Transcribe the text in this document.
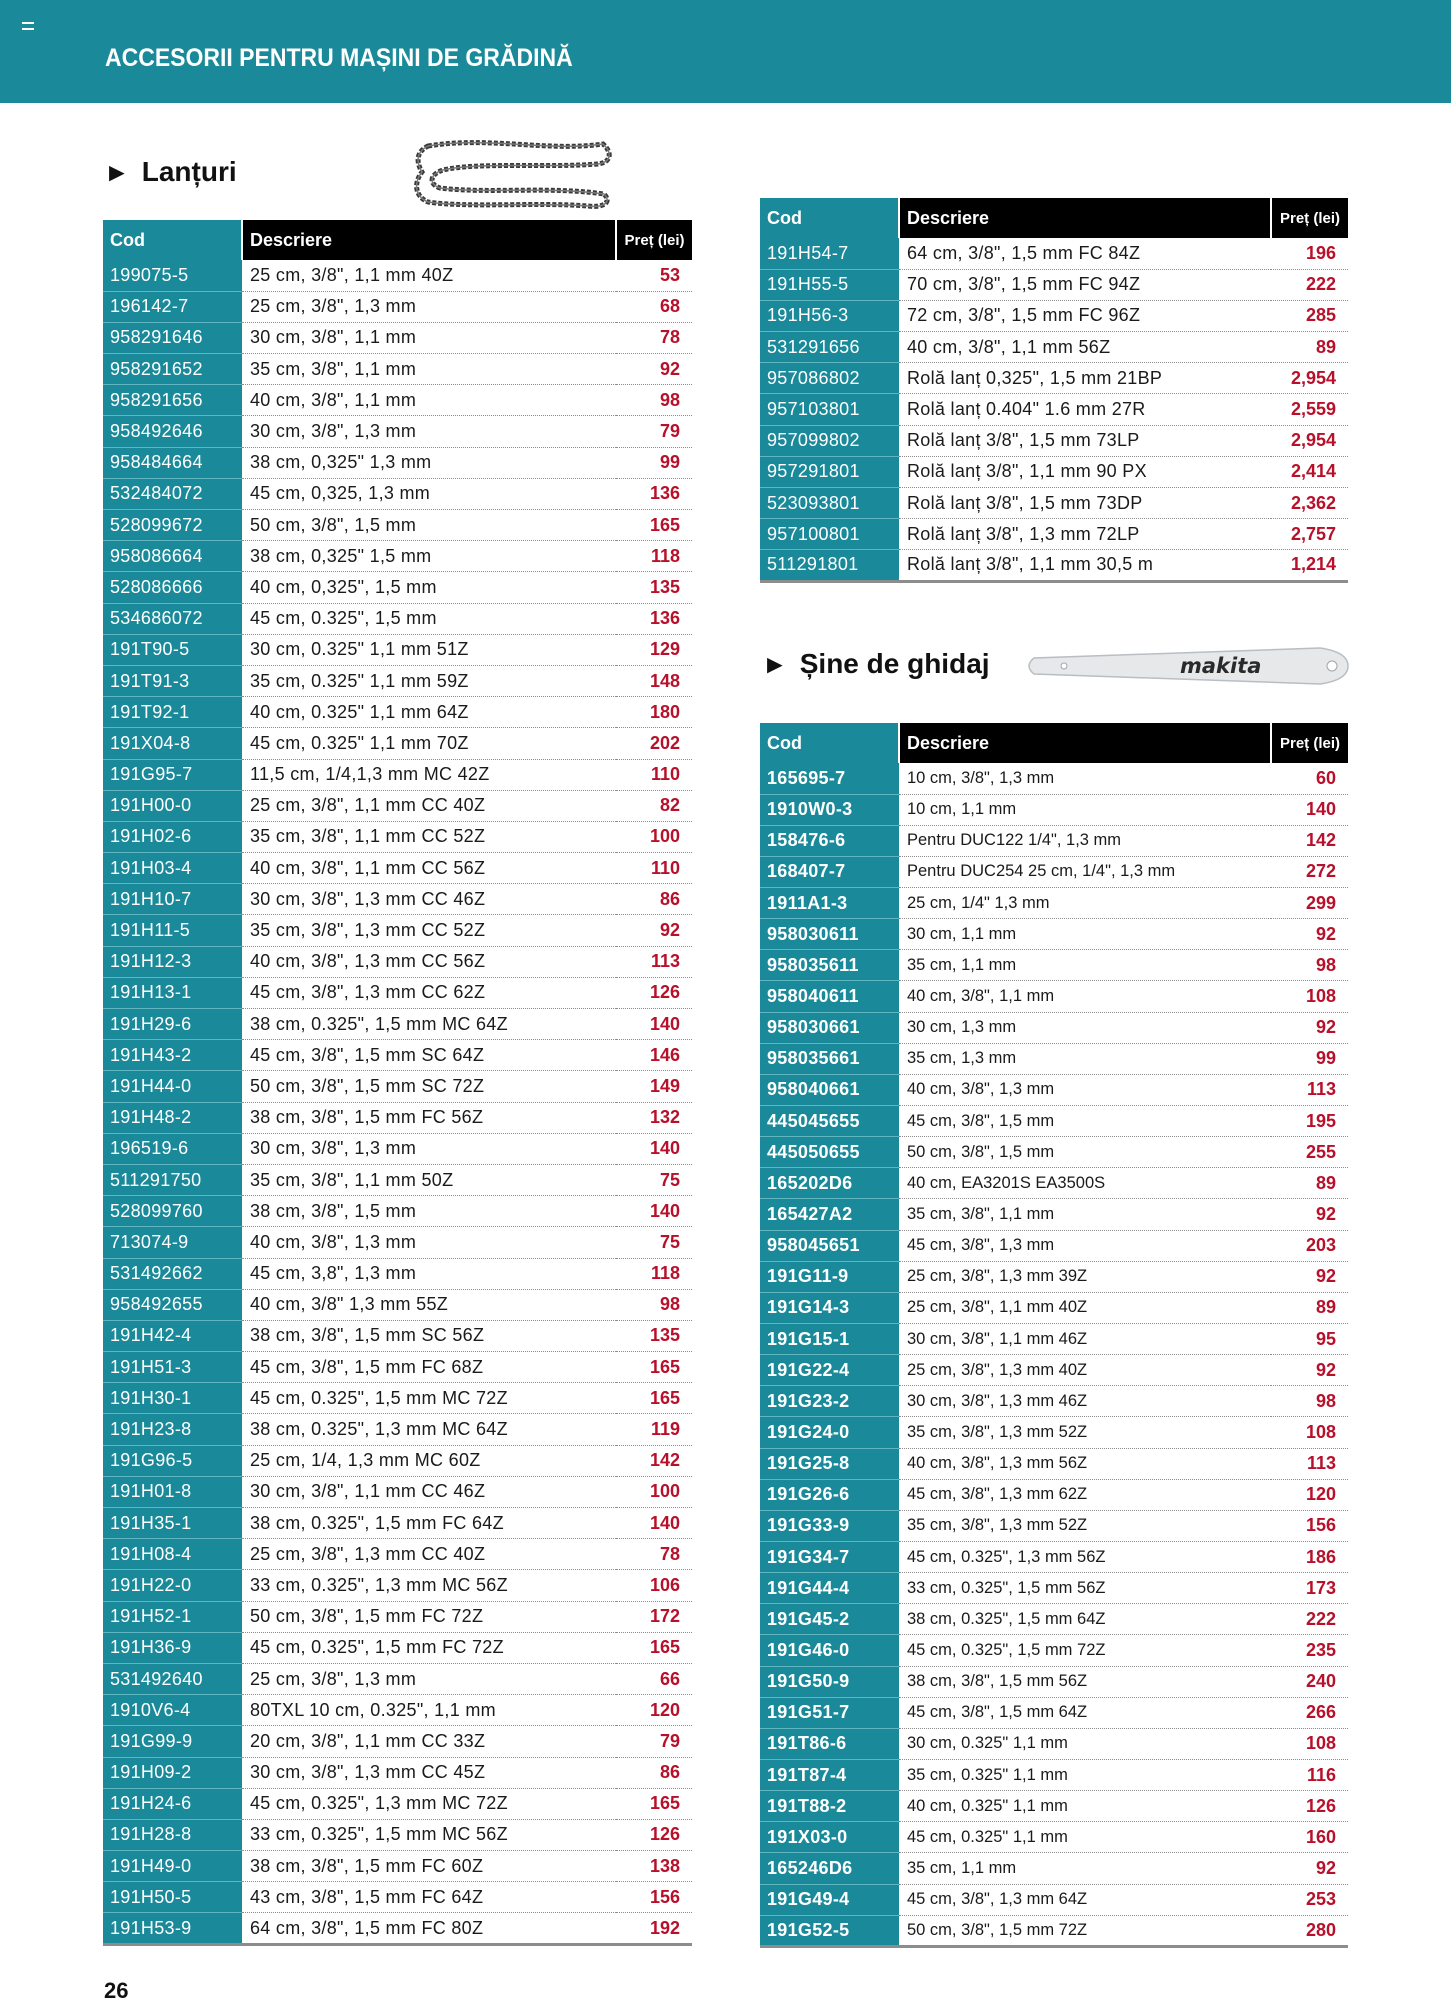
ACCESORII PENTRU MAȘINI DE GRĂDINĂ
► Lanțuri
Cod	Descriere	Preț (lei)
199075-5	25 cm, 3/8", 1,1 mm 40Z	53
196142-7	25 cm, 3/8", 1,3 mm	68
958291646	30 cm, 3/8", 1,1 mm	78
958291652	35 cm, 3/8", 1,1 mm	92
958291656	40 cm, 3/8", 1,1 mm	98
958492646	30 cm, 3/8", 1,3 mm	79
958484664	38 cm, 0,325" 1,3 mm	99
532484072	45 cm, 0,325, 1,3 mm	136
528099672	50 cm, 3/8", 1,5 mm	165
958086664	38 cm, 0,325" 1,5 mm	118
528086666	40 cm, 0,325", 1,5 mm	135
534686072	45 cm, 0.325", 1,5 mm	136
191T90-5	30 cm, 0.325" 1,1 mm 51Z	129
191T91-3	35 cm, 0.325" 1,1 mm 59Z	148
191T92-1	40 cm, 0.325" 1,1 mm 64Z	180
191X04-8	45 cm, 0.325" 1,1 mm 70Z	202
191G95-7	11,5 cm, 1/4,1,3 mm MC 42Z	110
191H00-0	25 cm, 3/8", 1,1 mm CC 40Z	82
191H02-6	35 cm, 3/8", 1,1 mm CC 52Z	100
191H03-4	40 cm, 3/8", 1,1 mm CC 56Z	110
191H10-7	30 cm, 3/8", 1,3 mm CC 46Z	86
191H11-5	35 cm, 3/8", 1,3 mm CC 52Z	92
191H12-3	40 cm, 3/8", 1,3 mm CC 56Z	113
191H13-1	45 cm, 3/8", 1,3 mm CC 62Z	126
191H29-6	38 cm, 0.325", 1,5 mm MC 64Z	140
191H43-2	45 cm, 3/8", 1,5 mm SC 64Z	146
191H44-0	50 cm, 3/8", 1,5 mm SC 72Z	149
191H48-2	38 cm, 3/8", 1,5 mm FC 56Z	132
196519-6	30 cm, 3/8", 1,3 mm	140
511291750	35 cm, 3/8", 1,1 mm 50Z	75
528099760	38 cm, 3/8", 1,5 mm	140
713074-9	40 cm, 3/8", 1,3 mm	75
531492662	45 cm, 3,8", 1,3 mm	118
958492655	40 cm, 3/8" 1,3 mm 55Z	98
191H42-4	38 cm, 3/8", 1,5 mm SC 56Z	135
191H51-3	45 cm, 3/8", 1,5 mm FC 68Z	165
191H30-1	45 cm, 0.325", 1,5 mm MC 72Z	165
191H23-8	38 cm, 0.325", 1,3 mm MC 64Z	119
191G96-5	25 cm, 1/4, 1,3 mm MC 60Z	142
191H01-8	30 cm, 3/8", 1,1 mm CC 46Z	100
191H35-1	38 cm, 0.325", 1,5 mm FC 64Z	140
191H08-4	25 cm, 3/8", 1,3 mm CC 40Z	78
191H22-0	33 cm, 0.325", 1,3 mm MC 56Z	106
191H52-1	50 cm, 3/8", 1,5 mm FC 72Z	172
191H36-9	45 cm, 0.325", 1,5 mm FC 72Z	165
531492640	25 cm, 3/8", 1,3 mm	66
1910V6-4	80TXL 10 cm, 0.325", 1,1 mm	120
191G99-9	20 cm, 3/8", 1,1 mm CC 33Z	79
191H09-2	30 cm, 3/8", 1,3 mm CC 45Z	86
191H24-6	45 cm, 0.325", 1,3 mm MC 72Z	165
191H28-8	33 cm, 0.325", 1,5 mm MC 56Z	126
191H49-0	38 cm, 3/8", 1,5 mm FC 60Z	138
191H50-5	43 cm, 3/8", 1,5 mm FC 64Z	156
191H53-9	64 cm, 3/8", 1,5 mm FC 80Z	192
Cod	Descriere	Preț (lei)
191H54-7	64 cm, 3/8", 1,5 mm FC 84Z	196
191H55-5	70 cm, 3/8", 1,5 mm FC 94Z	222
191H56-3	72 cm, 3/8", 1,5 mm FC 96Z	285
531291656	40 cm, 3/8", 1,1 mm 56Z	89
957086802	Rolă lanț 0,325", 1,5 mm 21BP	2,954
957103801	Rolă lanț 0.404" 1.6 mm 27R	2,559
957099802	Rolă lanț 3/8", 1,5 mm 73LP	2,954
957291801	Rolă lanț 3/8", 1,1 mm 90 PX	2,414
523093801	Rolă lanț 3/8", 1,5 mm 73DP	2,362
957100801	Rolă lanț 3/8", 1,3 mm 72LP	2,757
511291801	Rolă lanț 3/8", 1,1 mm 30,5 m	1,214
► Șine de ghidaj	makita
Cod	Descriere	Preț (lei)
165695-7	10 cm, 3/8", 1,3 mm	60
1910W0-3	10 cm, 1,1 mm	140
158476-6	Pentru DUC122 1/4", 1,3 mm	142
168407-7	Pentru DUC254 25 cm, 1/4", 1,3 mm	272
1911A1-3	25 cm, 1/4" 1,3 mm	299
958030611	30 cm, 1,1 mm	92
958035611	35 cm, 1,1 mm	98
958040611	40 cm, 3/8", 1,1 mm	108
958030661	30 cm, 1,3 mm	92
958035661	35 cm, 1,3 mm	99
958040661	40 cm, 3/8", 1,3 mm	113
445045655	45 cm, 3/8", 1,5 mm	195
445050655	50 cm, 3/8", 1,5 mm	255
165202D6	40 cm, EA3201S EA3500S	89
165427A2	35 cm, 3/8", 1,1 mm	92
958045651	45 cm, 3/8", 1,3 mm	203
191G11-9	25 cm, 3/8", 1,3 mm 39Z	92
191G14-3	25 cm, 3/8", 1,1 mm 40Z	89
191G15-1	30 cm, 3/8", 1,1 mm 46Z	95
191G22-4	25 cm, 3/8", 1,3 mm 40Z	92
191G23-2	30 cm, 3/8", 1,3 mm 46Z	98
191G24-0	35 cm, 3/8", 1,3 mm 52Z	108
191G25-8	40 cm, 3/8", 1,3 mm 56Z	113
191G26-6	45 cm, 3/8", 1,3 mm 62Z	120
191G33-9	35 cm, 3/8", 1,3 mm 52Z	156
191G34-7	45 cm, 0.325", 1,3 mm 56Z	186
191G44-4	33 cm, 0.325", 1,5 mm 56Z	173
191G45-2	38 cm, 0.325", 1,5 mm 64Z	222
191G46-0	45 cm, 0.325", 1,5 mm 72Z	235
191G50-9	38 cm, 3/8", 1,5 mm 56Z	240
191G51-7	45 cm, 3/8", 1,5 mm 64Z	266
191T86-6	30 cm, 0.325" 1,1 mm	108
191T87-4	35 cm, 0.325" 1,1 mm	116
191T88-2	40 cm, 0.325" 1,1 mm	126
191X03-0	45 cm, 0.325" 1,1 mm	160
165246D6	35 cm, 1,1 mm	92
191G49-4	45 cm, 3/8", 1,3 mm 64Z	253
191G52-5	50 cm, 3/8", 1,5 mm 72Z	280
26
